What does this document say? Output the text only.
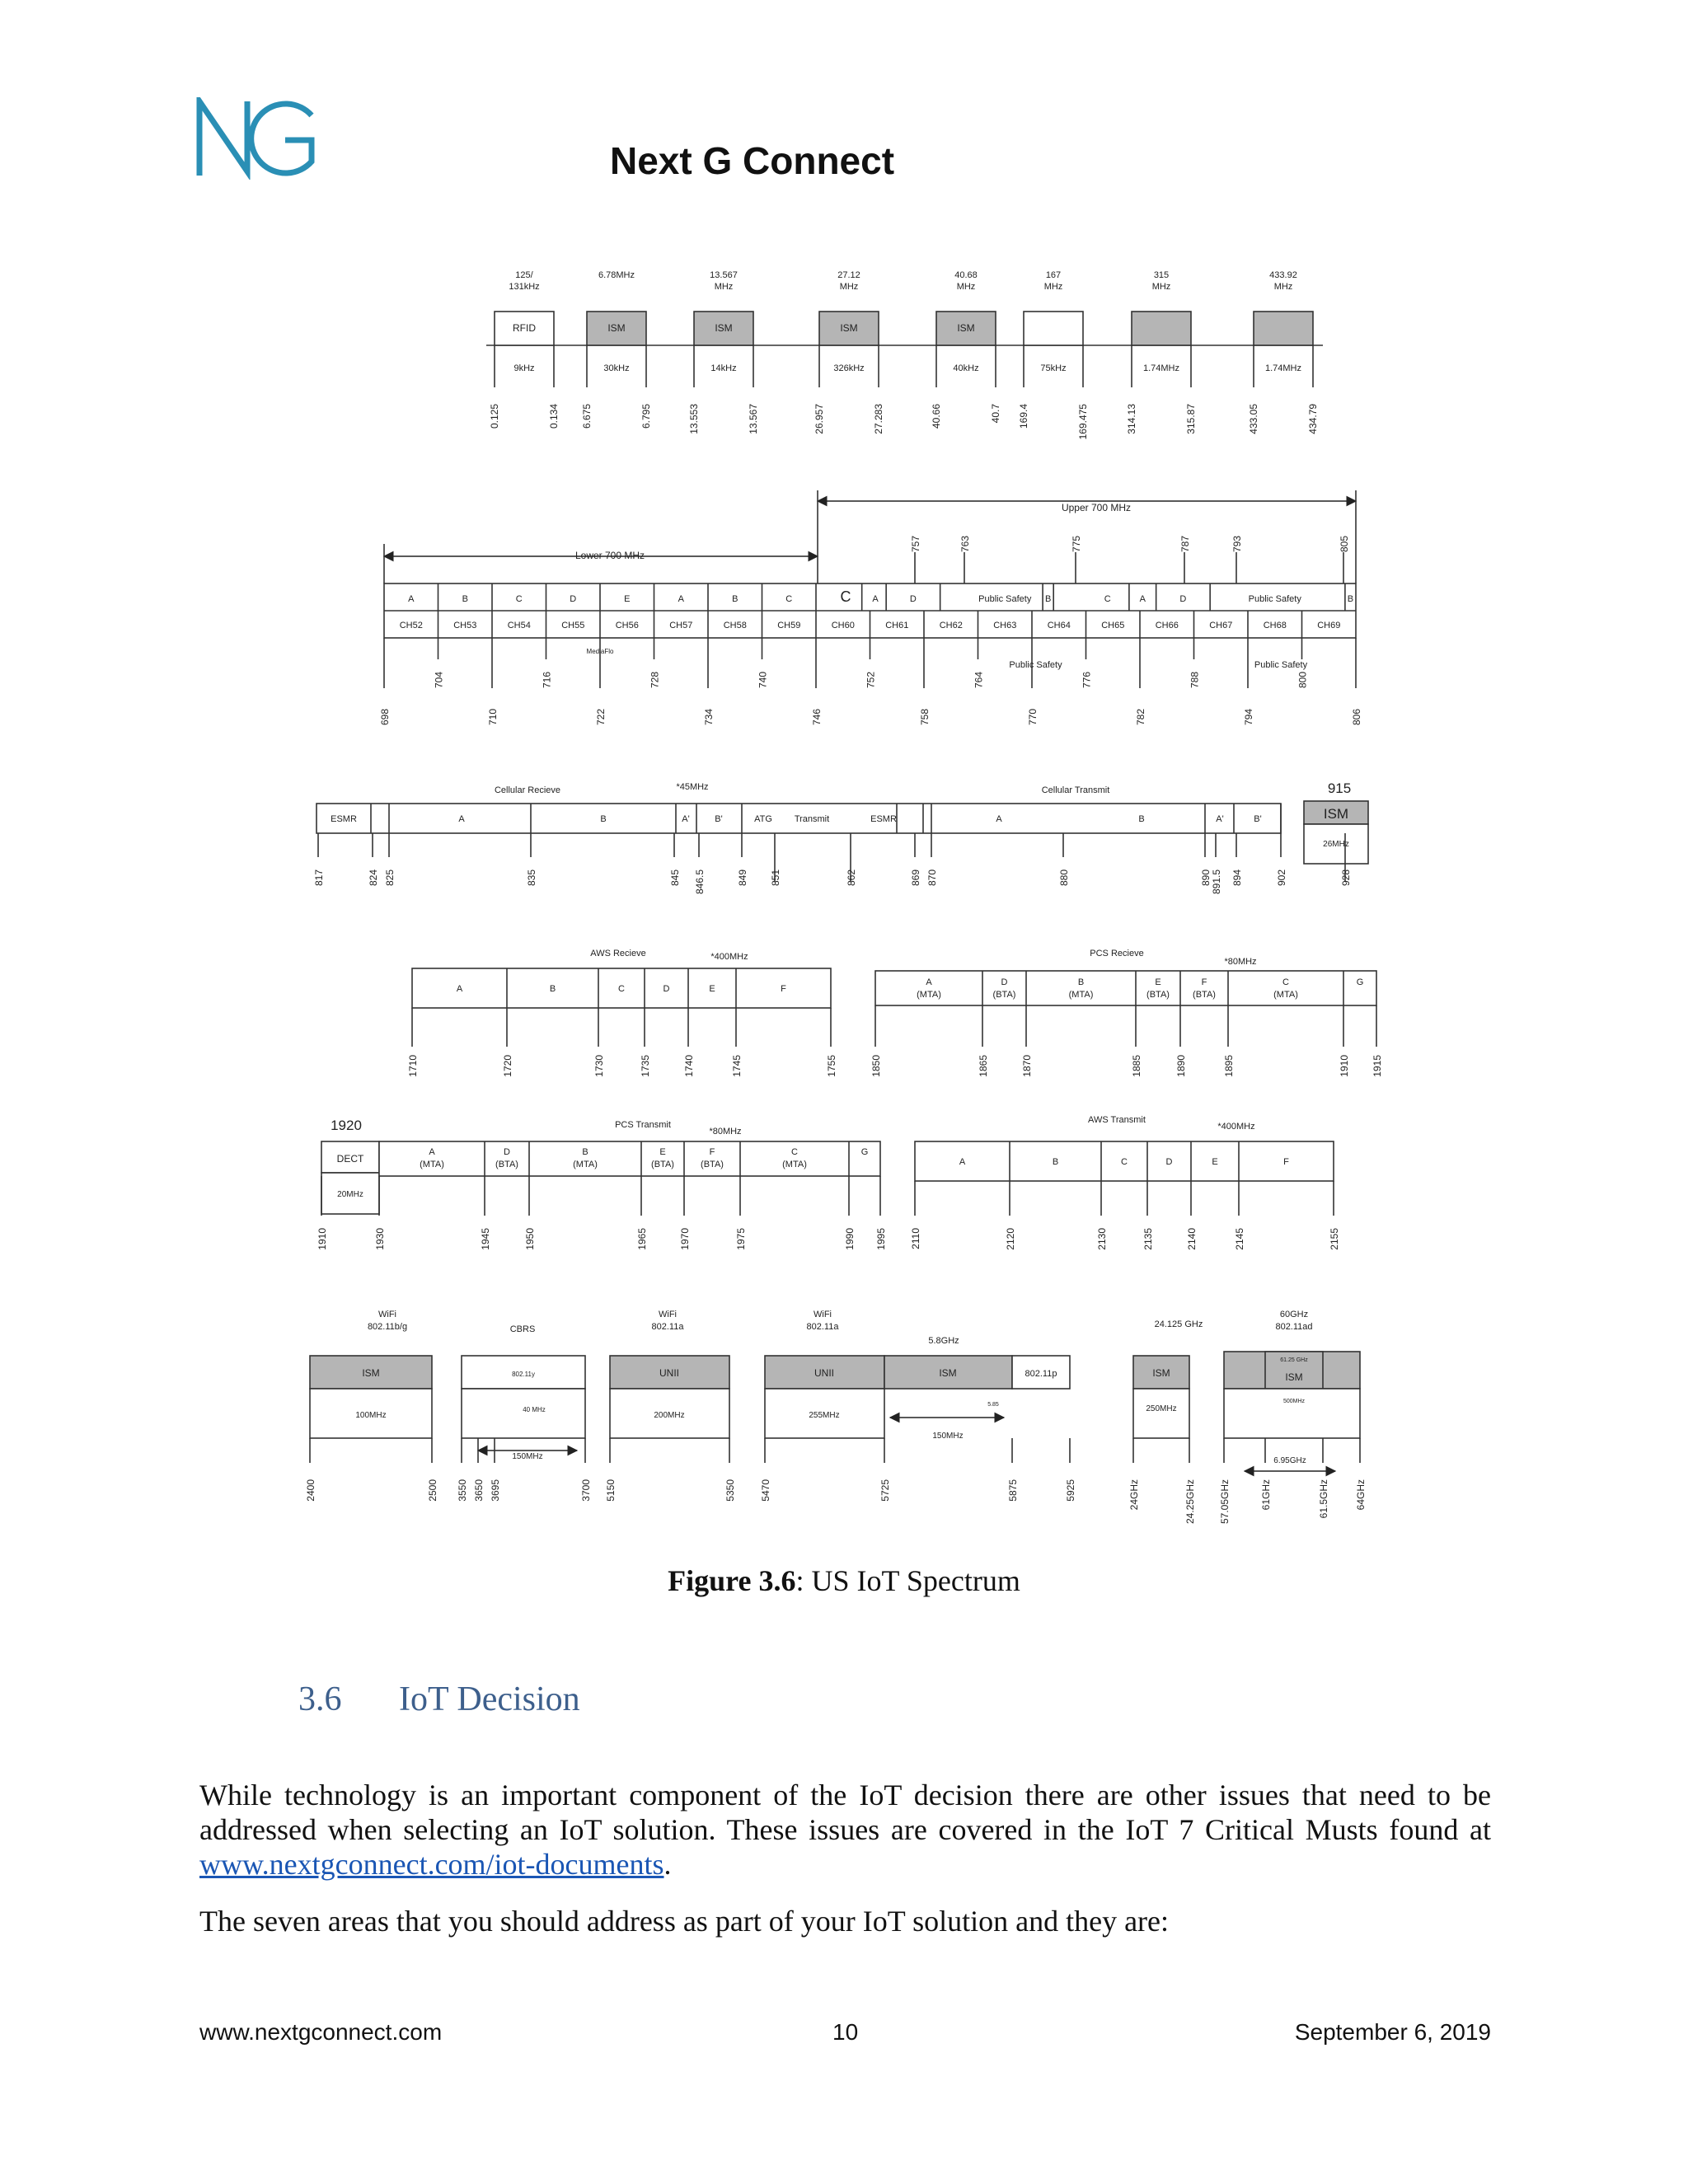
Next G Connect
RFID
9kHz
125/ 131kHz
ISM
30kHz
6.78MHz
ISM
14kHz
13.567 MHz
ISM
326kHz
27.12 MHz
ISM
40kHz
40.68 MHz
75kHz
167 MHz
1.74MHz
315 MHz
1.74MHz
433.92 MHz
0.125	0.134 6.675	6.795	13.553	13.567	26.957	27.283	40.66	40.7 169.4	169.475	314.13	315.87	433.05	434.79
Upper 700 MHz
Lower 700 MHz
CH52	CH53	CH54	CH55	CH56	CH57	CH58	CH59	CH60	CH61	CH62	CH63	CH64	CH65	CH66	CH67	CH68	CH69
A	B	C	D	E	A	B	C	C A	D	Public Safety B	C	A	D	Public Safety	B
757	763	775	787	793	805
698
704
710
716
722
728
734
740
746
752
758
764
770
776
782
788
794
800
806
MediaFlo
Public Safety	Public Safety
Cellular Recieve	*45MHz	Cellular Transmit	915
ESMR	A	B	A'	B'	ATG Transmit	ESMR	A	B	A'	B'	ISM
26MHz
817	824 825	835	845 846.5	849 851	862	869 870	880	890 891.5 894	902	928
AWS Recieve	*400MHz
A	B	C	D	E	F
1710	1720	1730	1735	1740	1745	1755
PCS Recieve
*80MHz
A (MTA)
D (BTA)
B (MTA)
E (BTA)
F (BTA)
C (MTA)
G
1850	1865	1870	1885	1890	1895	1910 1915
1920
DECT
20MHz
PCS Transmit
*80MHz
A (MTA)
D (BTA)
B (MTA)
E (BTA)
F (BTA)
C (MTA)
G
1910	1930	1945	1950	1965	1970	1975	1990 1995
AWS Transmit
*400MHz
A	B	C	D	E	F
2110	2120	2130	2135	2140	2145	2155
WiFi 802.11b/g	CBRS
WiFi 802.11a
WiFi 802.11a
5.8GHz
24.125 GHz
60GHz 802.11ad
ISM
100MHz
802.11y
40 MHz
150MHz
UNII
200MHz
UNII
255MHz
ISM	802.11p
5.85
150MHz
ISM
250MHz
61.25 GHz
ISM
500MHz
6.95GHz
2400	2500 3550 3650 3695	3700 5150	5350 5470	5725	5875	5925	24GHz	24.25GHz 57.05GHz	61GHz	61.5GHz	64GHz
Figure 3.6: US IoT Spectrum
3.6 IoT Decision
While technology is an important component of the IoT decision there are other issues that need to be addressed when selecting an IoT solution. These issues are covered in the IoT 7 Critical Musts found at www.nextgconnect.com/iot-documents.
The seven areas that you should address as part of your IoT solution and they are:
www.nextgconnect.com	10	September 6, 2019
